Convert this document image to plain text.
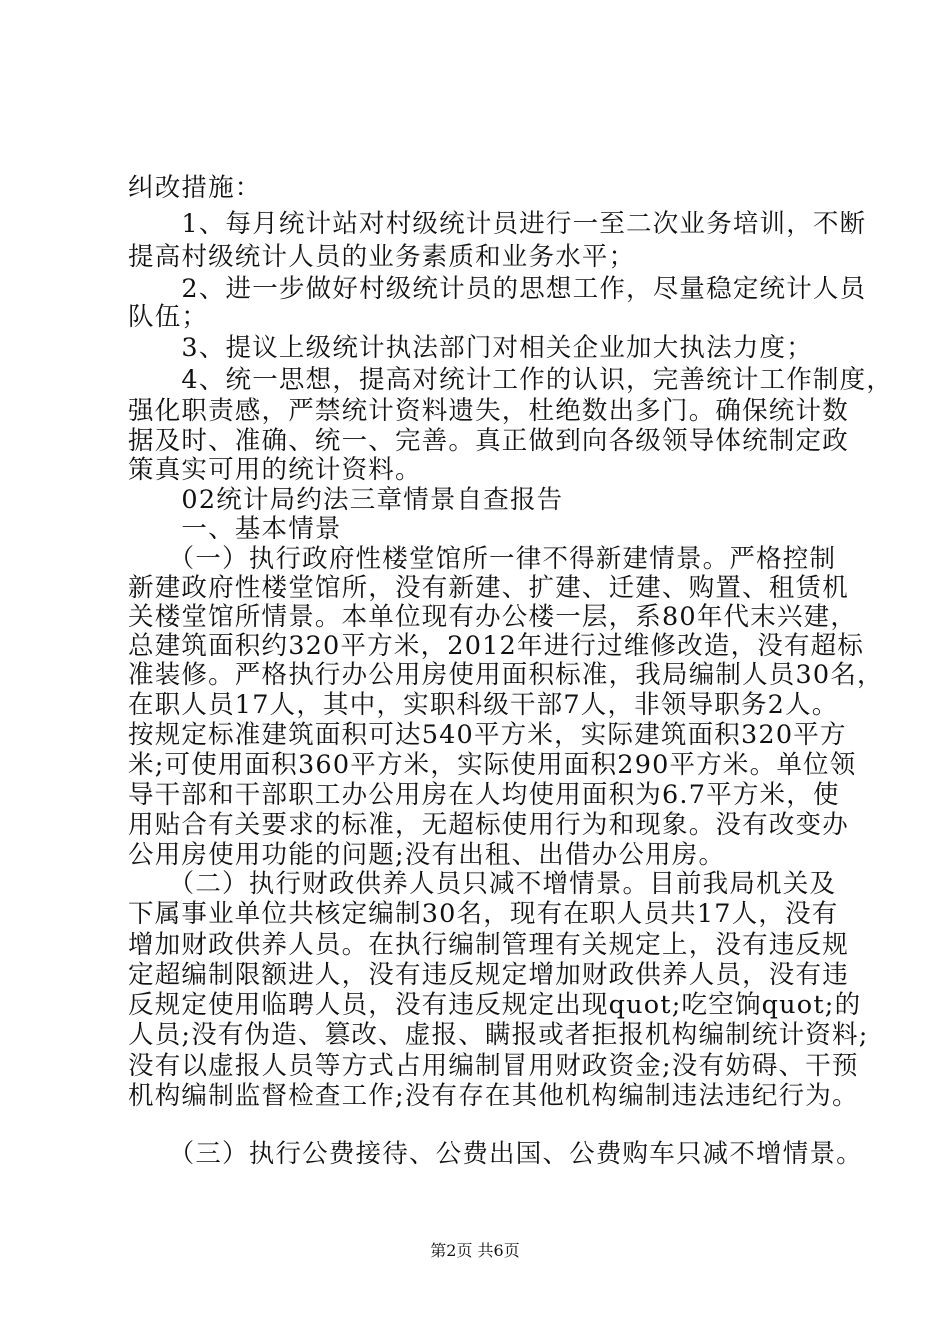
纠改措施：
　　1、每月统计站对村级统计员进行一至二次业务培训，不断
提高村级统计人员的业务素质和业务水平；
　　2、进一步做好村级统计员的思想工作，尽量稳定统计人员
队伍；
　　3、提议上级统计执法部门对相关企业加大执法力度；
　　4、统一思想，提高对统计工作的认识，完善统计工作制度，
强化职责感，严禁统计资料遗失，杜绝数出多门。确保统计数
据及时、准确、统一、完善。真正做到向各级领导体统制定政
策真实可用的统计资料。
　　02统计局约法三章情景自查报告
　　一、基本情景
　　（一）执行政府性楼堂馆所一律不得新建情景。严格控制
新建政府性楼堂馆所，没有新建、扩建、迁建、购置、租赁机
关楼堂馆所情景。本单位现有办公楼一层，系80年代末兴建，
总建筑面积约320平方米，2012年进行过维修改造，没有超标
准装修。严格执行办公用房使用面积标准，我局编制人员30名，
在职人员17人，其中，实职科级干部7人，非领导职务2人。
按规定标准建筑面积可达540平方米，实际建筑面积320平方
米;可使用面积360平方米，实际使用面积290平方米。单位领
导干部和干部职工办公用房在人均使用面积为6.7平方米，使
用贴合有关要求的标准，无超标使用行为和现象。没有改变办
公用房使用功能的问题;没有出租、出借办公用房。
　　（二）执行财政供养人员只减不增情景。目前我局机关及
下属事业单位共核定编制30名，现有在职人员共17人，没有
增加财政供养人员。在执行编制管理有关规定上，没有违反规
定超编制限额进人，没有违反规定增加财政供养人员，没有违
反规定使用临聘人员，没有违反规定出现quot;吃空饷quot;的
人员;没有伪造、篡改、虚报、瞒报或者拒报机构编制统计资料;
没有以虚报人员等方式占用编制冒用财政资金;没有妨碍、干预
机构编制监督检查工作;没有存在其他机构编制违法违纪行为。
　　（三）执行公费接待、公费出国、公费购车只减不增情景。
第2页 共6页
